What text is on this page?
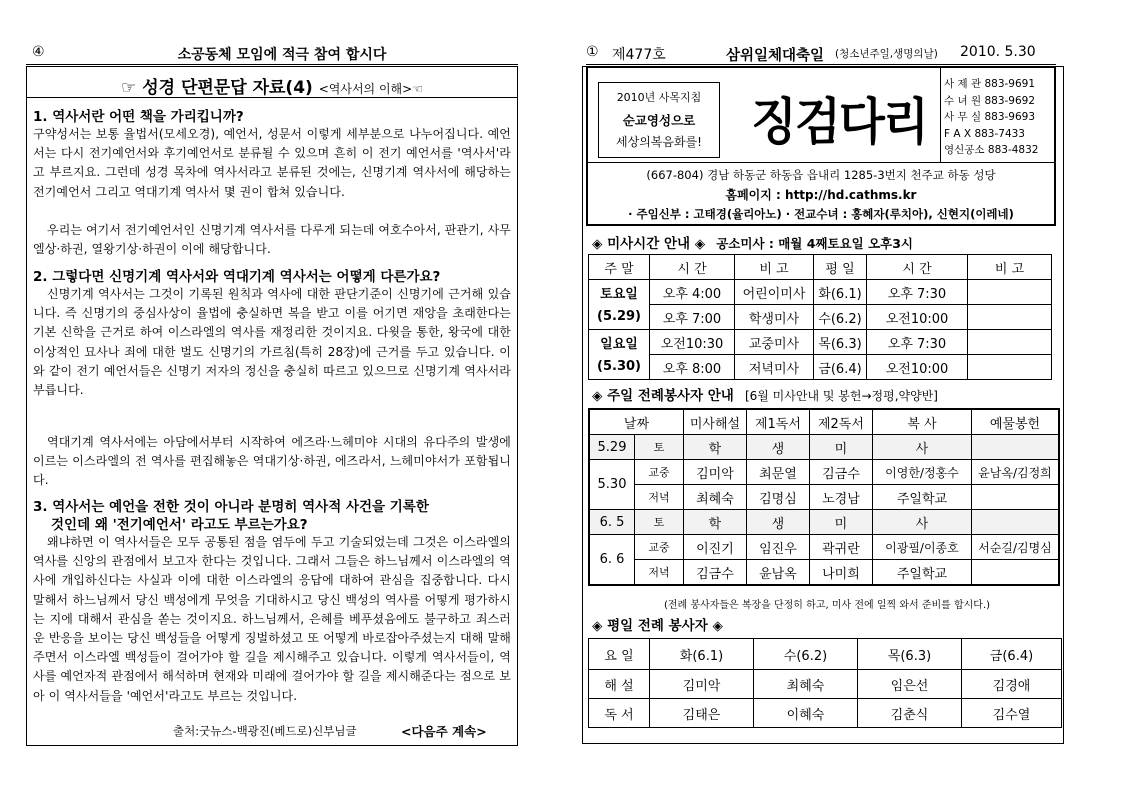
④	소공동체 모임에 적극 참여 합시다
☞ 성경 단편문답 자료(4) <역사서의 이해>☜
1. 역사서란 어떤 책을 가리킵니까?
구약성서는 보통 율법서(모세오경), 예언서, 성문서 이렇게 세부분으로 나누어집니다. 예언서는 다시 전기예언서와 후기예언서로 분류될 수 있으며 흔히 이 전기 예언서를 '역사서'라고 부르지요. 그런데 성경 목차에 역사서라고 분류된 것에는, 신명기계 역사서에 해당하는 전기예언서 그리고 역대기계 역사서 몇 권이 합쳐 있습니다.
우리는 여기서 전기예언서인 신명기계 역사서를 다루게 되는데 여호수아서, 판관기, 사무엘상·하권, 열왕기상·하권이 이에 해당합니다.
2. 그렇다면 신명기계 역사서와 역대기계 역사서는 어떻게 다른가요?
신명기계 역사서는 그것이 기록된 원칙과 역사에 대한 판단기준이 신명기에 근거해 있습니다. 즉 신명기의 중심사상이 율법에 충실하면 복을 받고 이를 어기면 재앙을 초래한다는 기본 신학을 근거로 하여 이스라엘의 역사를 재정리한 것이지요. 다윗을 통한, 왕국에 대한 이상적인 묘사나 죄에 대한 벌도 신명기의 가르침(특히 28장)에 근거를 두고 있습니다. 이와 같이 전기 예언서들은 신명기 저자의 정신을 충실히 따르고 있으므로 신명기계 역사서라 부릅니다.
역대기계 역사서에는 아담에서부터 시작하여 에즈라·느헤미야 시대의 유다주의 발생에 이르는 이스라엘의 전 역사를 편집해놓은 역대기상·하권, 에즈라서, 느헤미야서가 포함됩니다.
3. 역사서는 예언을 전한 것이 아니라 분명히 역사적 사건을 기록한
것인데 왜 '전기예언서' 라고도 부르는가요?
왜냐하면 이 역사서들은 모두 공통된 점을 염두에 두고 기술되었는데 그것은 이스라엘의 역사를 신앙의 관점에서 보고자 한다는 것입니다. 그래서 그들은 하느님께서 이스라엘의 역사에 개입하신다는 사실과 이에 대한 이스라엘의 응답에 대하여 관심을 집중합니다. 다시 말해서 하느님께서 당신 백성에게 무엇을 기대하시고 당신 백성의 역사를 어떻게 평가하시는 지에 대해서 관심을 쏟는 것이지요. 하느님께서, 은혜를 베푸셨음에도 불구하고 죄스러운 반응을 보이는 당신 백성들을 어떻게 징벌하셨고 또 어떻게 바로잡아주셨는지 대해 말해주면서 이스라엘 백성들이 걸어가야 할 길을 제시해주고 있습니다. 이렇게 역사서들이, 역사를 예언자적 관점에서 해석하며 현재와 미래에 걸어가야 할 길을 제시해준다는 점으로 보아 이 역사서들을 '예언서'라고도 부르는 것입니다.
출처:굿뉴스-백광진(베드로)신부님글	<다음주 계속>
① 제477호	삼위일체대축일 (청소년주일,생명의날) 2010. 5.30
2010년 사목지침
순교영성으로
세상의복음화를! 징검다리
사 제 관 883-9691
수 녀 원 883-9692
사 무 실 883-9693
F A X 883-7433
영신공소 883-4832
(667-804) 경남 하동군 하동읍 읍내리 1285-3번지 천주교 하동 성당
홈페이지 : http://hd.cathms.kr
· 주임신부 : 고태경(율리아노) · 전교수녀 : 홍혜자(루치아), 신현지(이레네)
◈ 미사시간 안내 ◈ 공소미사 : 매월 4째토요일 오후3시
주 말	시 간	비 고	평 일	시 간	비 고
토요일	오후 4:00	어린이미사	화(6.1)	오후 7:30	
(5.29)	오후 7:00	학생미사	수(6.2)	오전10:00	
일요일	오전10:30	교중미사	목(6.3)	오후 7:30	
(5.30)	오후 8:00	저녁미사	금(6.4)	오전10:00	
◈ 주일 전례봉사자 안내 [6월 미사안내 및 봉헌→정평,약양반]
날짜		미사해설	제1독서	제2독서	복 사	예물봉헌
5.29	토	학	생	미	사	
5.30	교중	김미악	최문열	김금수	이영한/정홍수	윤남옥/김정희
	저녁	최혜숙	김명심	노경남	주일학교	
6. 5	토	학	생	미	사	
6. 6	교중	이진기	임진우	곽귀란	이광필/이종호	서순길/김명심
	저녁	김금수	윤남옥	나미희	주일학교	
(전례 봉사자들은 복장을 단정히 하고, 미사 전에 일찍 와서 준비를 합시다.)
◈ 평일 전례 봉사자 ◈
요 일	화(6.1)	수(6.2)	목(6.3)	금(6.4)
해 설	김미악	최혜숙	임은선	김경애
독 서	김태은	이혜숙	김춘식	김수열
